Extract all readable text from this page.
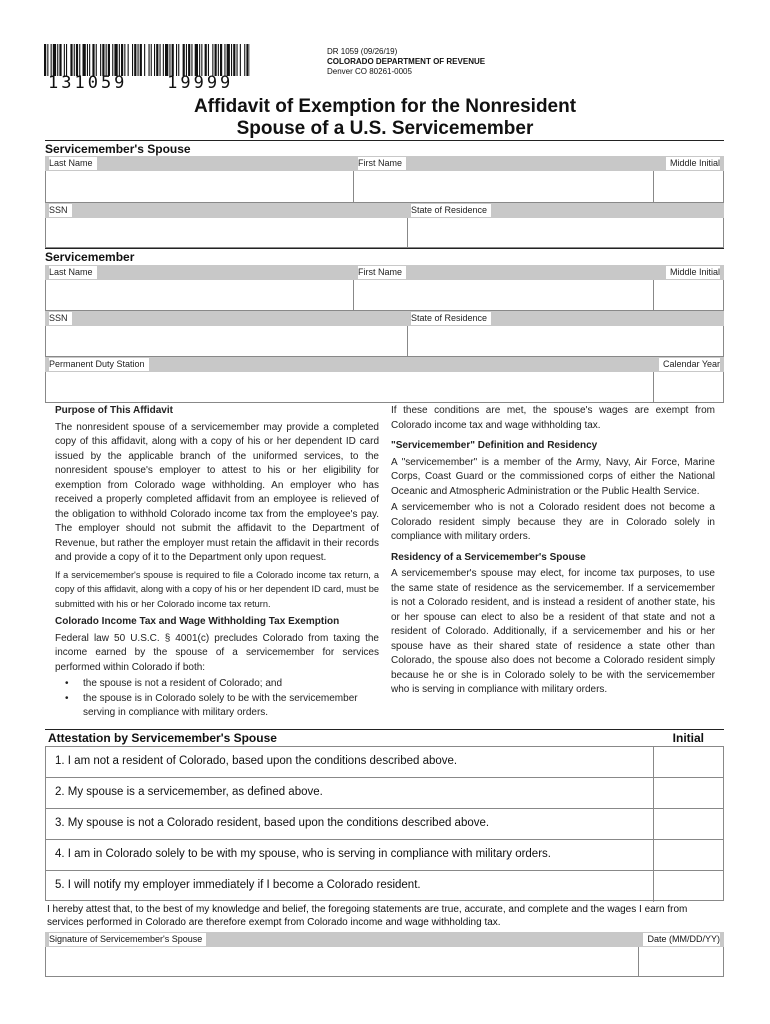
131059   19999
DR 1059 (09/26/19)
COLORADO DEPARTMENT OF REVENUE
Denver CO 80261-0005
Affidavit of Exemption for the Nonresident
Spouse of a U.S. Servicemember
Servicemember's Spouse
Last Name	First Name	Middle Initial
SSN	State of Residence
Servicemember
Last Name	First Name	Middle Initial
SSN	State of Residence
Permanent Duty Station	Calendar Year

Purpose of This Affidavit

The nonresident spouse of a servicemember may provide a completed copy of this affidavit, along with a copy of his or her dependent ID card issued by the applicable branch of the uniformed services, to the nonresident spouse's employer to attest to his or her eligibility for exemption from Colorado wage withholding. An employer who has received a properly completed affidavit from an employee is relieved of the obligation to withhold Colorado income tax from the employee's pay. The employer should not submit the affidavit to the Department of Revenue, but rather the employer must retain the affidavit in their records and provide a copy of it to the Department only upon request.

If a servicemember's spouse is required to file a Colorado income tax return, a copy of this affidavit, along with a copy of his or her dependent ID card, must be submitted with his or her Colorado income tax return.

Colorado Income Tax and Wage Withholding Tax Exemption

Federal law 50 U.S.C. § 4001(c) precludes Colorado from taxing the income earned by the spouse of a servicemember for services performed within Colorado if both:

• the spouse is not a resident of Colorado; and
• the spouse is in Colorado solely to be with the servicemember serving in compliance with military orders.

If these conditions are met, the spouse's wages are exempt from Colorado income tax and wage withholding tax.

"Servicemember" Definition and Residency

A "servicemember" is a member of the Army, Navy, Air Force, Marine Corps, Coast Guard or the commissioned corps of either the National Oceanic and Atmospheric Administration or the Public Health Service.

A servicemember who is not a Colorado resident does not become a Colorado resident simply because they are in Colorado solely in compliance with military orders.

Residency of a Servicemember's Spouse

A servicemember's spouse may elect, for income tax purposes, to use the same state of residence as the servicemember. If a servicemember is not a Colorado resident, and is instead a resident of another state, his or her spouse can elect to also be a resident of that state and not a resident of Colorado. Additionally, if a servicemember and his or her spouse have as their shared state of residence a state other than Colorado, the spouse also does not become a Colorado resident simply because he or she is in Colorado solely to be with the servicemember who is serving in compliance with military orders.

Attestation by Servicemember's Spouse	Initial
1. I am not a resident of Colorado, based upon the conditions described above.
2. My spouse is a servicemember, as defined above.
3. My spouse is not a Colorado resident, based upon the conditions described above.
4. I am in Colorado solely to be with my spouse, who is serving in compliance with military orders.
5. I will notify my employer immediately if I become a Colorado resident.
I hereby attest that, to the best of my knowledge and belief, the foregoing statements are true, accurate, and complete and the wages I earn from services performed in Colorado are therefore exempt from Colorado income and wage withholding tax.
Signature of Servicemember's Spouse	Date (MM/DD/YY)
